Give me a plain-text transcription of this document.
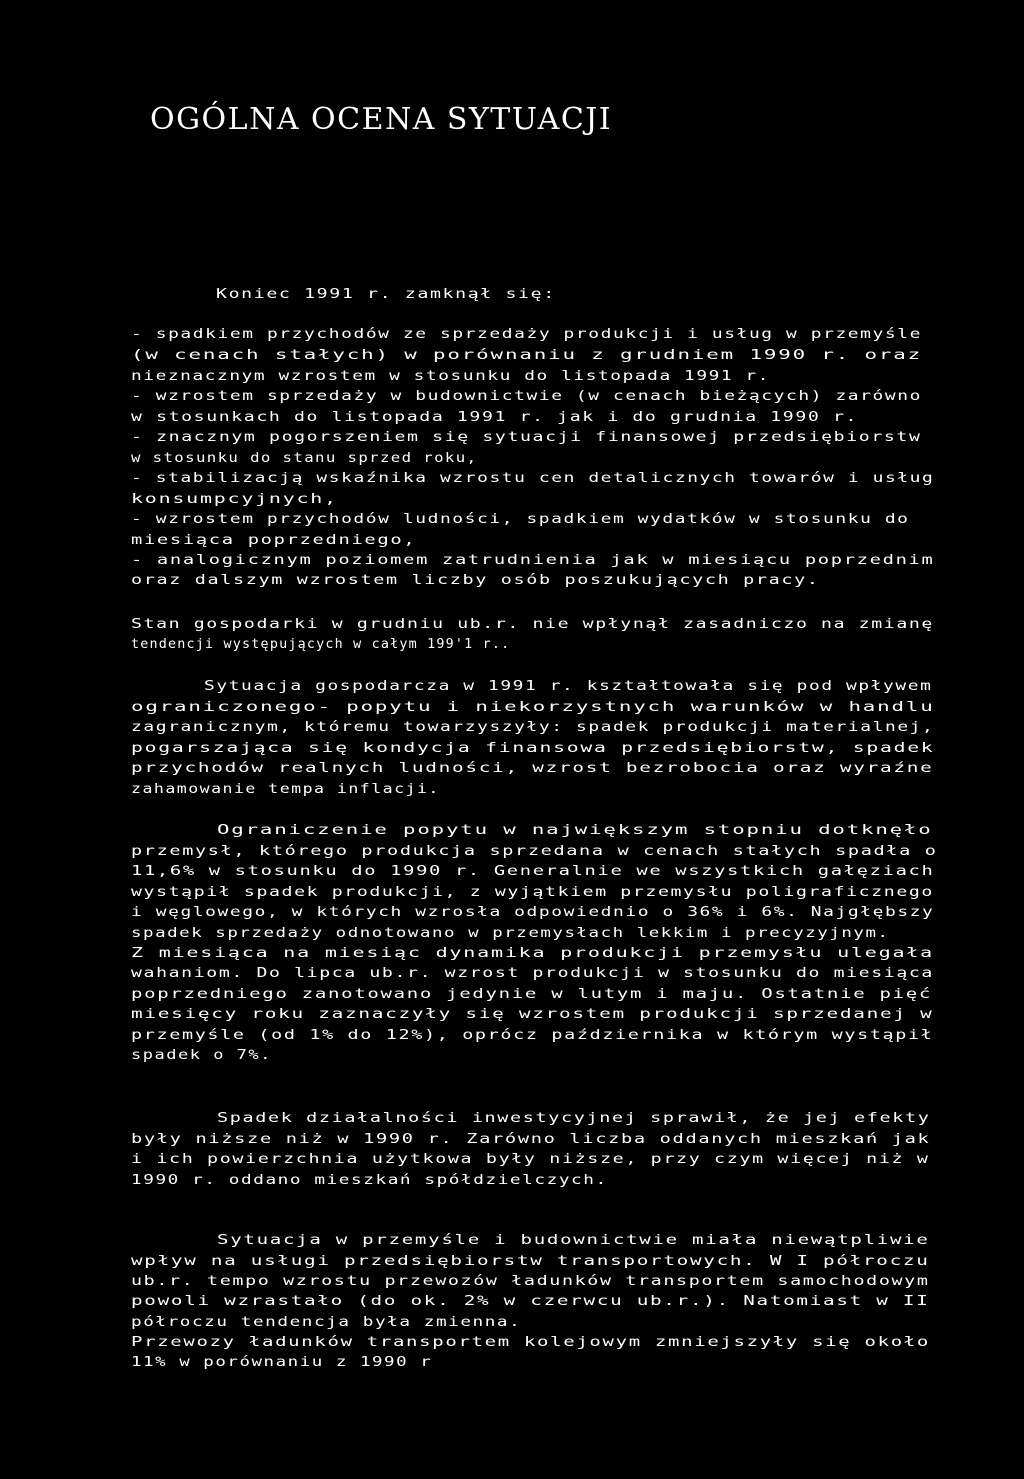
OGÓLNA OCENA SYTUACJI
Koniec 1991 r. zamknął się:
- spadkiem przychodów ze sprzedaży produkcji i usług w przemyśle
(w cenach stałych) w porównaniu z grudniem 1990 r. oraz
nieznacznym wzrostem w stosunku do listopada 1991 r.
- wzrostem sprzedaży w budownictwie (w cenach bieżących) zarówno
w stosunkach do listopada 1991 r. jak i do grudnia 1990 r.
- znacznym pogorszeniem się sytuacji finansowej przedsiębiorstw
w stosunku do stanu sprzed roku,
- stabilizacją wskaźnika wzrostu cen detalicznych towarów i usług
konsumpcyjnych,
- wzrostem przychodów ludności, spadkiem wydatków w stosunku do
miesiąca poprzedniego,
- analogicznym poziomem zatrudnienia jak w miesiącu poprzednim
oraz dalszym wzrostem liczby osób poszukujących pracy.
Stan gospodarki w grudniu ub.r. nie wpłynął zasadniczo na zmianę
tendencji występujących w całym 199'1 r..
Sytuacja gospodarcza w 1991 r. kształtowała się pod wpływem
ograniczonego- popytu i niekorzystnych warunków w handlu
zagranicznym, któremu towarzyszyły: spadek produkcji materialnej,
pogarszająca się kondycja finansowa przedsiębiorstw, spadek
przychodów realnych ludności, wzrost bezrobocia oraz wyraźne
zahamowanie tempa inflacji.
Ograniczenie popytu w największym stopniu dotknęło
przemysł, którego produkcja sprzedana w cenach stałych spadła o
11,6% w stosunku do 1990 r. Generalnie we wszystkich gałęziach
wystąpił spadek produkcji, z wyjątkiem przemysłu poligraficznego
i węglowego, w których wzrosła odpowiednio o 36% i 6%. Najgłębszy
spadek sprzedaży odnotowano w przemysłach lekkim i precyzyjnym.
Z miesiąca na miesiąc dynamika produkcji przemysłu ulegała
wahaniom. Do lipca ub.r. wzrost produkcji w stosunku do miesiąca
poprzedniego zanotowano jedynie w lutym i maju. Ostatnie pięć
miesięcy roku zaznaczyły się wzrostem produkcji sprzedanej w
przemyśle (od 1% do 12%), oprócz października w którym wystąpił
spadek o 7%.
Spadek działalności inwestycyjnej sprawił, że jej efekty
były niższe niż w 1990 r. Zarówno liczba oddanych mieszkań jak
i ich powierzchnia użytkowa były niższe, przy czym więcej niż w
1990 r. oddano mieszkań spółdzielczych.
Sytuacja w przemyśle i budownictwie miała niewątpliwie
wpływ na usługi przedsiębiorstw transportowych. W I półroczu
ub.r. tempo wzrostu przewozów ładunków transportem samochodowym
powoli wzrastało (do ok. 2% w czerwcu ub.r.). Natomiast w II
półroczu tendencja była zmienna.
Przewozy ładunków transportem kolejowym zmniejszyły się około
11% w porównaniu z 1990 r
